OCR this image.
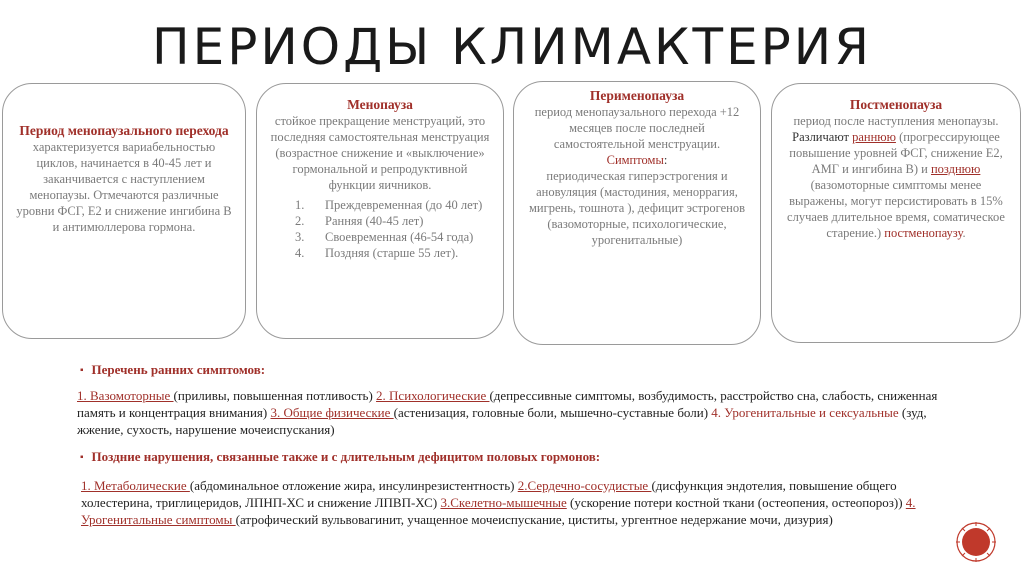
ПЕРИОДЫ КЛИМАКТЕРИЯ
Период менопаузального перехода
характеризуется вариабельностью циклов, начинается в 40-45 лет и заканчивается с наступлением менопаузы. Отмечаются различные уровни ФСГ, Е2 и снижение ингибина В и антимюллерова гормона.
Менопауза
стойкое прекращение менструаций, это последняя самостоятельная менструация (возрастное снижение и «выключение» гормональной и репродуктивной функции яичников.
1. Преждевременная (до 40 лет)
2. Ранняя (40-45 лет)
3. Своевременная (46-54 года)
4. Поздняя (старше 55 лет).
Перименопауза
период менопаузального перехода +12 месяцев после последней самостоятельной менструации.
Симптомы:
периодическая гиперэстрогения и ановуляция (мастодиния, меноррагия, мигрень, тошнота ), дефицит эстрогенов (вазомоторные, психологические, урогенитальные)
Постменопауза
период после наступления менопаузы.
Различают раннюю (прогрессирующее повышение уровней ФСГ, снижение Е2, АМГ и ингибина В) и позднюю (вазомоторные симптомы менее выражены, могут персистировать в 15% случаев длительное время, соматическое старение.) постменопаузу.
▪ Перечень ранних симптомов:
1. Вазомоторные (приливы, повышенная потливость) 2. Психологические (депрессивные симптомы, возбудимость, расстройство сна, слабость, сниженная память и концентрация внимания) 3. Общие физические (астенизация, головные боли, мышечно-суставные боли) 4. Урогенитальные и сексуальные (зуд, жжение, сухость, нарушение мочеиспускания)
▪ Поздние нарушения, связанные также и с длительным дефицитом половых гормонов:
1. Метаболические (абдоминальное отложение жира, инсулинрезистентность) 2.Сердечно-сосудистые (дисфункция эндотелия, повышение общего холестерина, триглицеридов, ЛПНП-ХС и снижение ЛПВП-ХС) 3.Скелетно-мышечные (ускорение потери костной ткани (остеопения, остеопороз)) 4. Урогенитальные симптомы (атрофический вульвовагинит, учащенное мочеиспускание, циститы, ургентное недержание мочи, дизурия)
